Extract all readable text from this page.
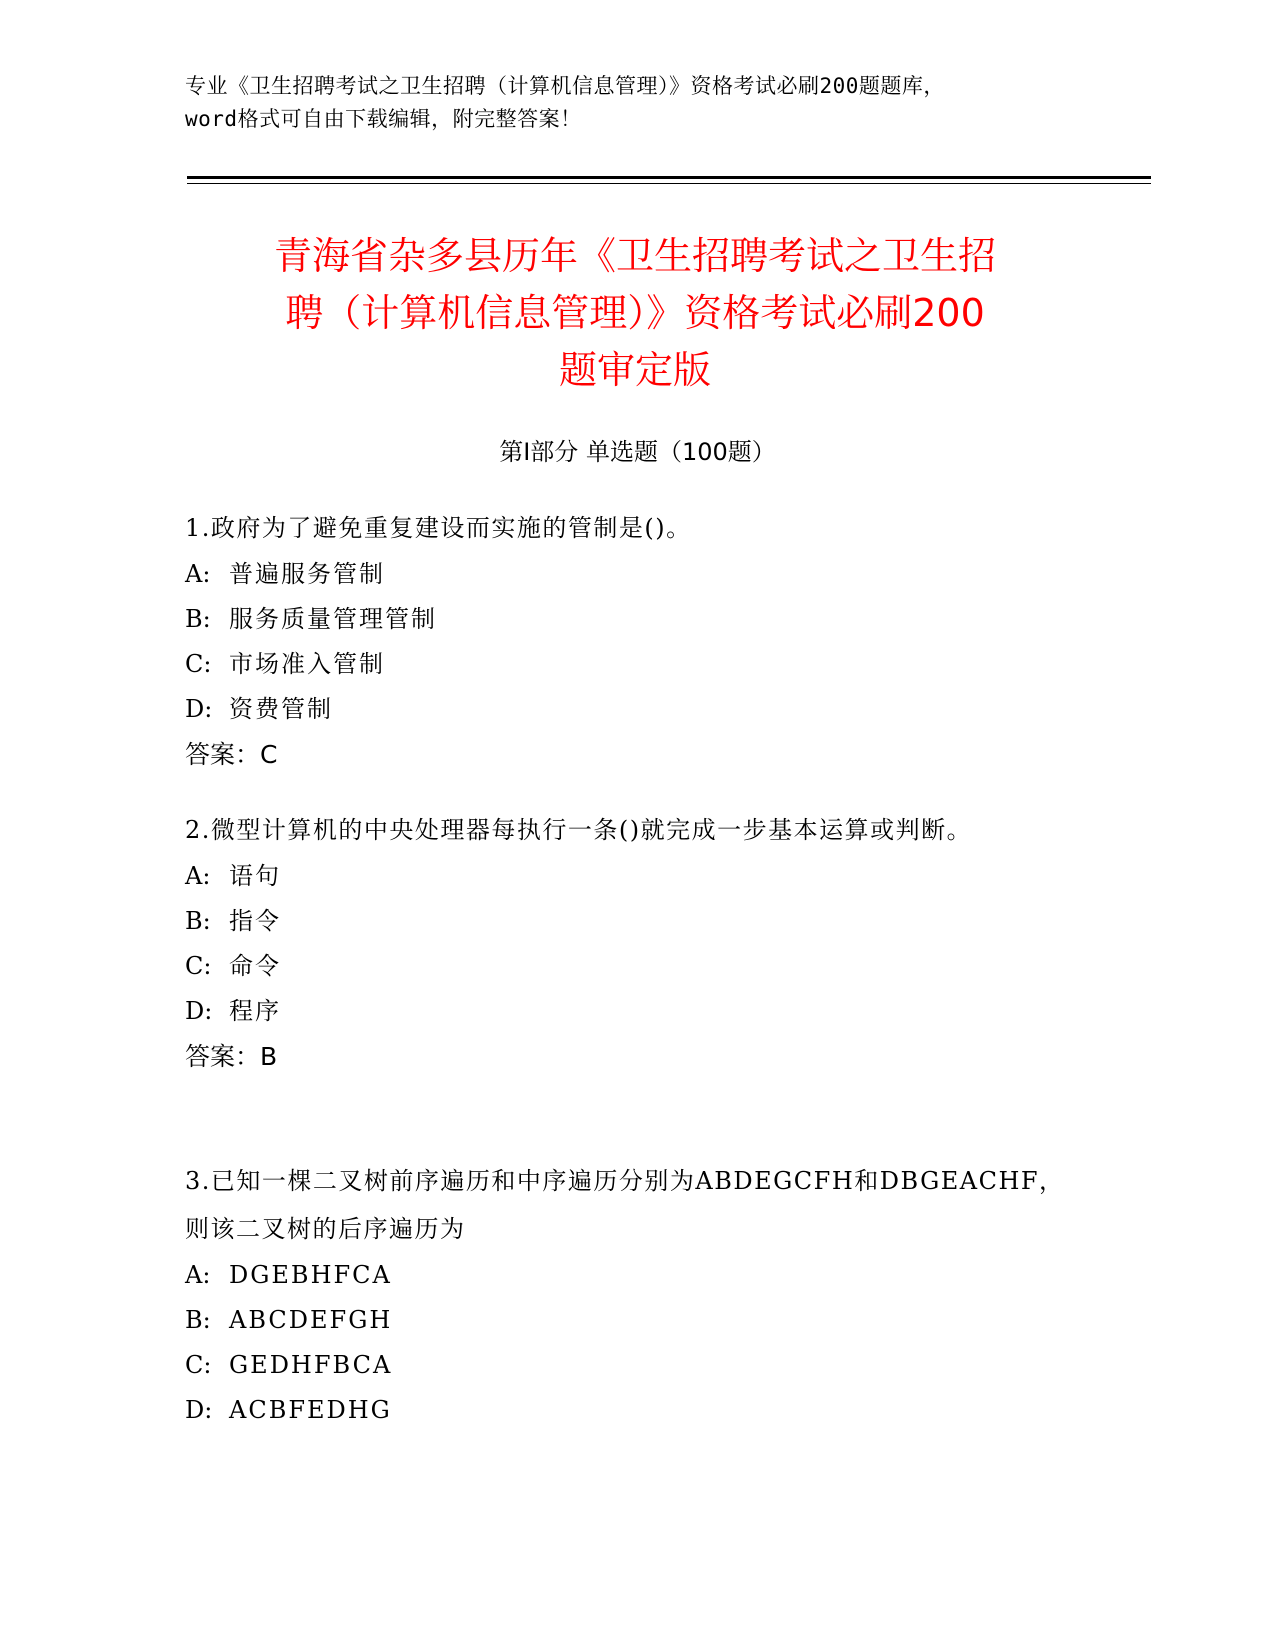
专业《卫生招聘考试之卫生招聘（计算机信息管理）》资格考试必刷200题题库，
word格式可自由下载编辑，附完整答案！
青海省杂多县历年《卫生招聘考试之卫生招
聘（计算机信息管理）》资格考试必刷200
题审定版
第Ⅰ部分 单选题（100题）
1.政府为了避免重复建设而实施的管制是()。
A: 普遍服务管制
B: 服务质量管理管制
C: 市场准入管制
D: 资费管制
答案：C
2.微型计算机的中央处理器每执行一条()就完成一步基本运算或判断。
A: 语句
B: 指令
C: 命令
D: 程序
答案：B
3.已知一棵二叉树前序遍历和中序遍历分别为ABDEGCFH和DBGEACHF，则该二叉树的后序遍历为
A: DGEBHFCA
B: ABCDEFGH
C: GEDHFBCA
D: ACBFEDHG
